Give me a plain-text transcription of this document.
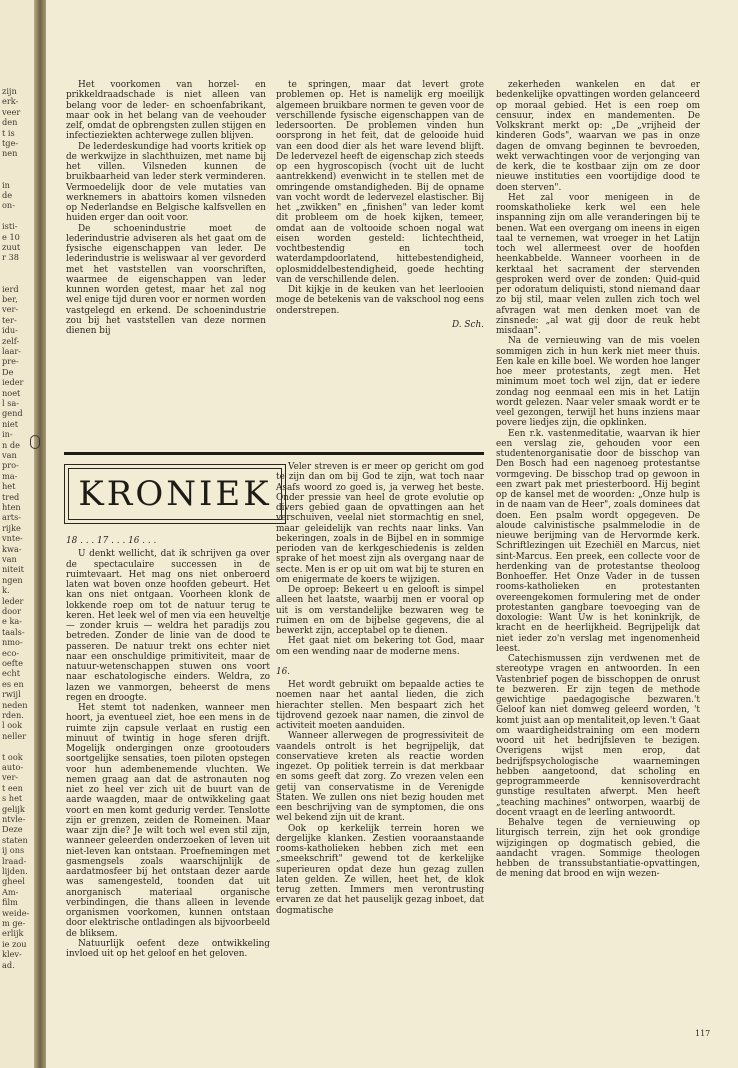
zijn
erk-
veer
den
t is
tge-
nen
in
de
on-
isti-
e 10
zuut
r 38
ierd
ber,
ver-
ter-
idu-
zelf-
laar-
pre-
De
ieder
noet
l sa-
gend
niet
in-
n de
van
pro-
ma-
het
tred
hten
arts-
rijke
vnte-
kwa-
van
niteit
ngen
k.
leder
door
e ka-
taals-
nmo-
eco-
oefte
echt
es en
rwijl
neden
rden.
l ook
neller
t ook
auto-
ver-
t een
s het
gelijk
ntvle-
Deze
staten
ij ons
lraad-
lijden.
gheel
Am-
film
weide-
m ge-
erlijk
ie zou
klev-
ad.

Het voorkomen van horzel- en prikkeldraadschade is niet alleen van belang voor de leder- en schoenfabrikant, maar ook in het belang van de veehouder zelf, omdat de opbrengsten zullen stijgen en infectieziekten achterwege zullen blijven.

De lederdeskundige had voorts kritiek op de werkwijze in slachthuizen, met name bij het villen. Vilsneden kunnen de bruikbaarheid van leder sterk verminderen. Vermoedelijk door de vele mutaties van werknemers in abattoirs komen vilsneden op Nederlandse en Belgische kalfsvellen en huiden erger dan ooit voor.

De schoenindustrie moet de lederindustrie adviseren als het gaat om de fysische eigenschappen van leder. De lederindustrie is weliswaar al ver gevorderd met het vaststellen van voorschriften, waarmee de eigenschappen van leder kunnen worden getest, maar het zal nog wel enige tijd duren voor er normen worden vastgelegd en erkend. De schoenindustrie zou bij het vaststellen van deze normen dienen bij

te springen, maar dat levert grote problemen op. Het is namelijk erg moeilijk algemeen bruikbare normen te geven voor de verschillende fysische eigenschappen van de ledersoorten. De problemen vinden hun oorsprong in het feit, dat de gelooide huid van een dood dier als het ware levend blijft. De ledervezel heeft de eigenschap zich steeds op een hygroscopisch (vocht uit de lucht aantrekkend) evenwicht in te stellen met de omringende omstandigheden. Bij de opname van vocht wordt de ledervezel elastischer. Bij het „zwikken" en „finishen" van leder komt dit probleem om de hoek kijken, temeer, omdat aan de voltooide schoen nogal wat eisen worden gesteld: lichtechtheid, vochtbestendig en toch waterdampdoorlatend, hittebestendigheid, oplosmiddelbestendigheid, goede hechting van de verschillende delen.

Dit kijkje in de keuken van het leerlooien moge de betekenis van de vakschool nog eens onderstrepen.

D. Sch.

KRONIEK

18 . . . 17 . . . 16 . . .

U denkt wellicht, dat ik schrijven ga over de spectaculaire successen in de ruimtevaart. Het mag ons niet onberoerd laten wat boven onze hoofden gebeurt. Het kan ons niet ontgaan. Voorheen klonk de lokkende roep om tot de natuur terug te keren. Het leek wel of men via een heuveltje — zonder kruis — weldra het paradijs zou betreden. Zonder de linie van de dood te passeren. De natuur trekt ons echter niet naar een onschuldige primitiviteit, maar de natuur-wetenschappen stuwen ons voort naar eschatologische einders. Weldra, zo lazen we vanmorgen, beheerst de mens regen en droogte.

Het stemt tot nadenken, wanneer men hoort, ja eventueel ziet, hoe een mens in de ruimte zijn capsule verlaat en rustig een minuut of twintig in hoge sferen drijft. Mogelijk ondergingen onze grootouders soortgelijke sensaties, toen piloten opstegen voor hun adembenemende vluchten. We nemen graag aan dat de astronauten nog niet zo heel ver zich uit de buurt van de aarde waagden, maar de ontwikkeling gaat voort en men komt gedurig verder. Tenslotte zijn er grenzen, zeiden de Romeinen. Maar waar zijn die? Je wilt toch wel even stil zijn, wanneer geleerden onderzoeken of leven uit niet-leven kan ontstaan. Proefnemingen met gasmengsels zoals waarschijnlijk de aardatmosfeer bij het ontstaan dezer aarde was samengesteld, toonden dat uit anorganisch materiaal organische verbindingen, die thans alleen in levende organismen voorkomen, kunnen ontstaan door elektrische ontladingen als bijvoorbeeld de bliksem.

Natuurlijk oefent deze ontwikkeling invloed uit op het geloof en het geloven.

Veler streven is er meer op gericht om god te zijn dan om bij God te zijn, wat toch naar Asafs woord zo goed is, ja verweg het beste. Onder pressie van heel de grote evolutie op divers gebied gaan de opvattingen aan het verschuiven, veelal niet stormachtig en snel, maar geleidelijk van rechts naar links. Van bekeringen, zoals in de Bijbel en in sommige perioden van de kerkgeschiedenis is zelden sprake of het moest zijn als overgang naar de secte. Men is er op uit om wat bij te sturen en om enigermate de koers te wijzigen.

De oproep: Bekeert u en gelooft is simpel alleen het laatste, waarbij men er vooral op uit is om verstandelijke bezwaren weg te ruimen en om de bijbelse gegevens, die al bewerkt zijn, acceptabel op te dienen.

Het gaat niet om bekering tot God, maar om een wending naar de moderne mens.

16.

Het wordt gebruikt om bepaalde acties te noemen naar het aantal lieden, die zich hierachter stellen. Men bespaart zich het tijdrovend gezoek naar namen, die zinvol de activiteit moeten aanduiden.

Wanneer allerwegen de progressiviteit de vaandels ontrolt is het begrijpelijk, dat conservatieve kreten als reactie worden ingezet. Op politiek terrein is dat merkbaar en soms geeft dat zorg. Zo vrezen velen een getij van conservatisme in de Verenigde Staten. We zullen ons niet bezig houden met een beschrijving van de symptomen, die ons wel bekend zijn uit de krant.

Ook op kerkelijk terrein horen we dergelijke klanken. Zestien vooraanstaande rooms-katholieken hebben zich met een „smeekschrift" gewend tot de kerkelijke superieuren opdat deze hun gezag zullen laten gelden. Ze willen, heet het, de klok terug zetten. Immers men verontrusting ervaren ze dat het pauselijk gezag inboet, dat dogmatische

zekerheden wankelen en dat er bedenkelijke opvattingen worden gelanceerd op moraal gebied. Het is een roep om censuur, index en mandementen. De Volkskrant merkt op: „De „vrijheid der kinderen Gods", waarvan we pas in onze dagen de omvang beginnen te bevroeden, wekt verwachtingen voor de verjonging van de kerk, die te kostbaar zijn om ze door nieuwe instituties een voortijdige dood te doen sterven".

Het zal voor menigeen in de roomskatholieke kerk wel een hele inspanning zijn om alle veranderingen bij te benen. Wat een overgang om ineens in eigen taal te vernemen, wat vroeger in het Latijn toch wel allermeest over de hoofden heenkabbelde. Wanneer voorheen in de kerktaal het sacrament der stervenden gesproken werd over de zonden: Quid-quid per odoratum deliquisti, stond niemand daar zo bij stil, maar velen zullen zich toch wel afvragen wat men denken moet van de zinsnede: „al wat gij door de reuk hebt misdaan".

Na de vernieuwing van de mis voelen sommigen zich in hun kerk niet meer thuis. Een kale en kille boel. We worden hoe langer hoe meer protestants, zegt men. Het minimum moet toch wel zijn, dat er iedere zondag nog eenmaal een mis in het Latijn wordt gelezen. Naar veler smaak wordt er te veel gezongen, terwijl het huns inziens maar povere liedjes zijn, die opklinken.

Een r.k. vastenmeditatie, waarvan ik hier een verslag zie, gehouden voor een studentenorganisatie door de bisschop van Den Bosch had een nagenoeg protestantse vormgeving. De bisschop trad op gewoon in een zwart pak met priesterboord. Hij begint op de kansel met de woorden: „Onze hulp is in de naam van de Heer", zoals dominees dat doen. Een psalm wordt opgegeven. De aloude calvinistische psalmmelodie in de nieuwe berijming van de Hervormde kerk. Schriftlezingen uit Ezechiël en Marcus, niet sint-Marcus. Een preek, een collecte voor de herdenking van de protestantse theoloog Bonhoeffer. Het Onze Vader in de tussen rooms-katholieken en protestanten overeengekomen formulering met de onder protestanten gangbare toevoeging van de doxologie: Want Uw is het koninkrijk, de kracht en de heerlijkheid. Begrijpelijk dat niet ieder zo'n verslag met ingenomenheid leest.

Catechismussen zijn verdwenen met de stereotype vragen en antwoorden. In een Vastenbrief pogen de bisschoppen de onrust te bezweren. Er zijn tegen de methode gewichtige paedagogische bezwaren.'t Geloof kan niet domweg geleerd worden, 't komt juist aan op mentaliteit,op leven.'t Gaat om waardigheidstraining om een modern woord uit het bedrijfsleven te bezigen. Overigens wijst men erop, dat bedrijfspsychologische waarnemingen hebben aangetoond, dat scholing en geprogrammeerde kennisoverdracht gunstige resultaten afwerpt. Men heeft „teaching machines" ontworpen, waarbij de docent vraagt en de leerling antwoordt.

Behalve tegen de vernieuwing op liturgisch terrein, zijn het ook grondige wijzigingen op dogmatisch gebied, die aandacht vragen. Sommige theologen hebben de transsubstantiatie-opvattingen, de mening dat brood en wijn wezen-

117
